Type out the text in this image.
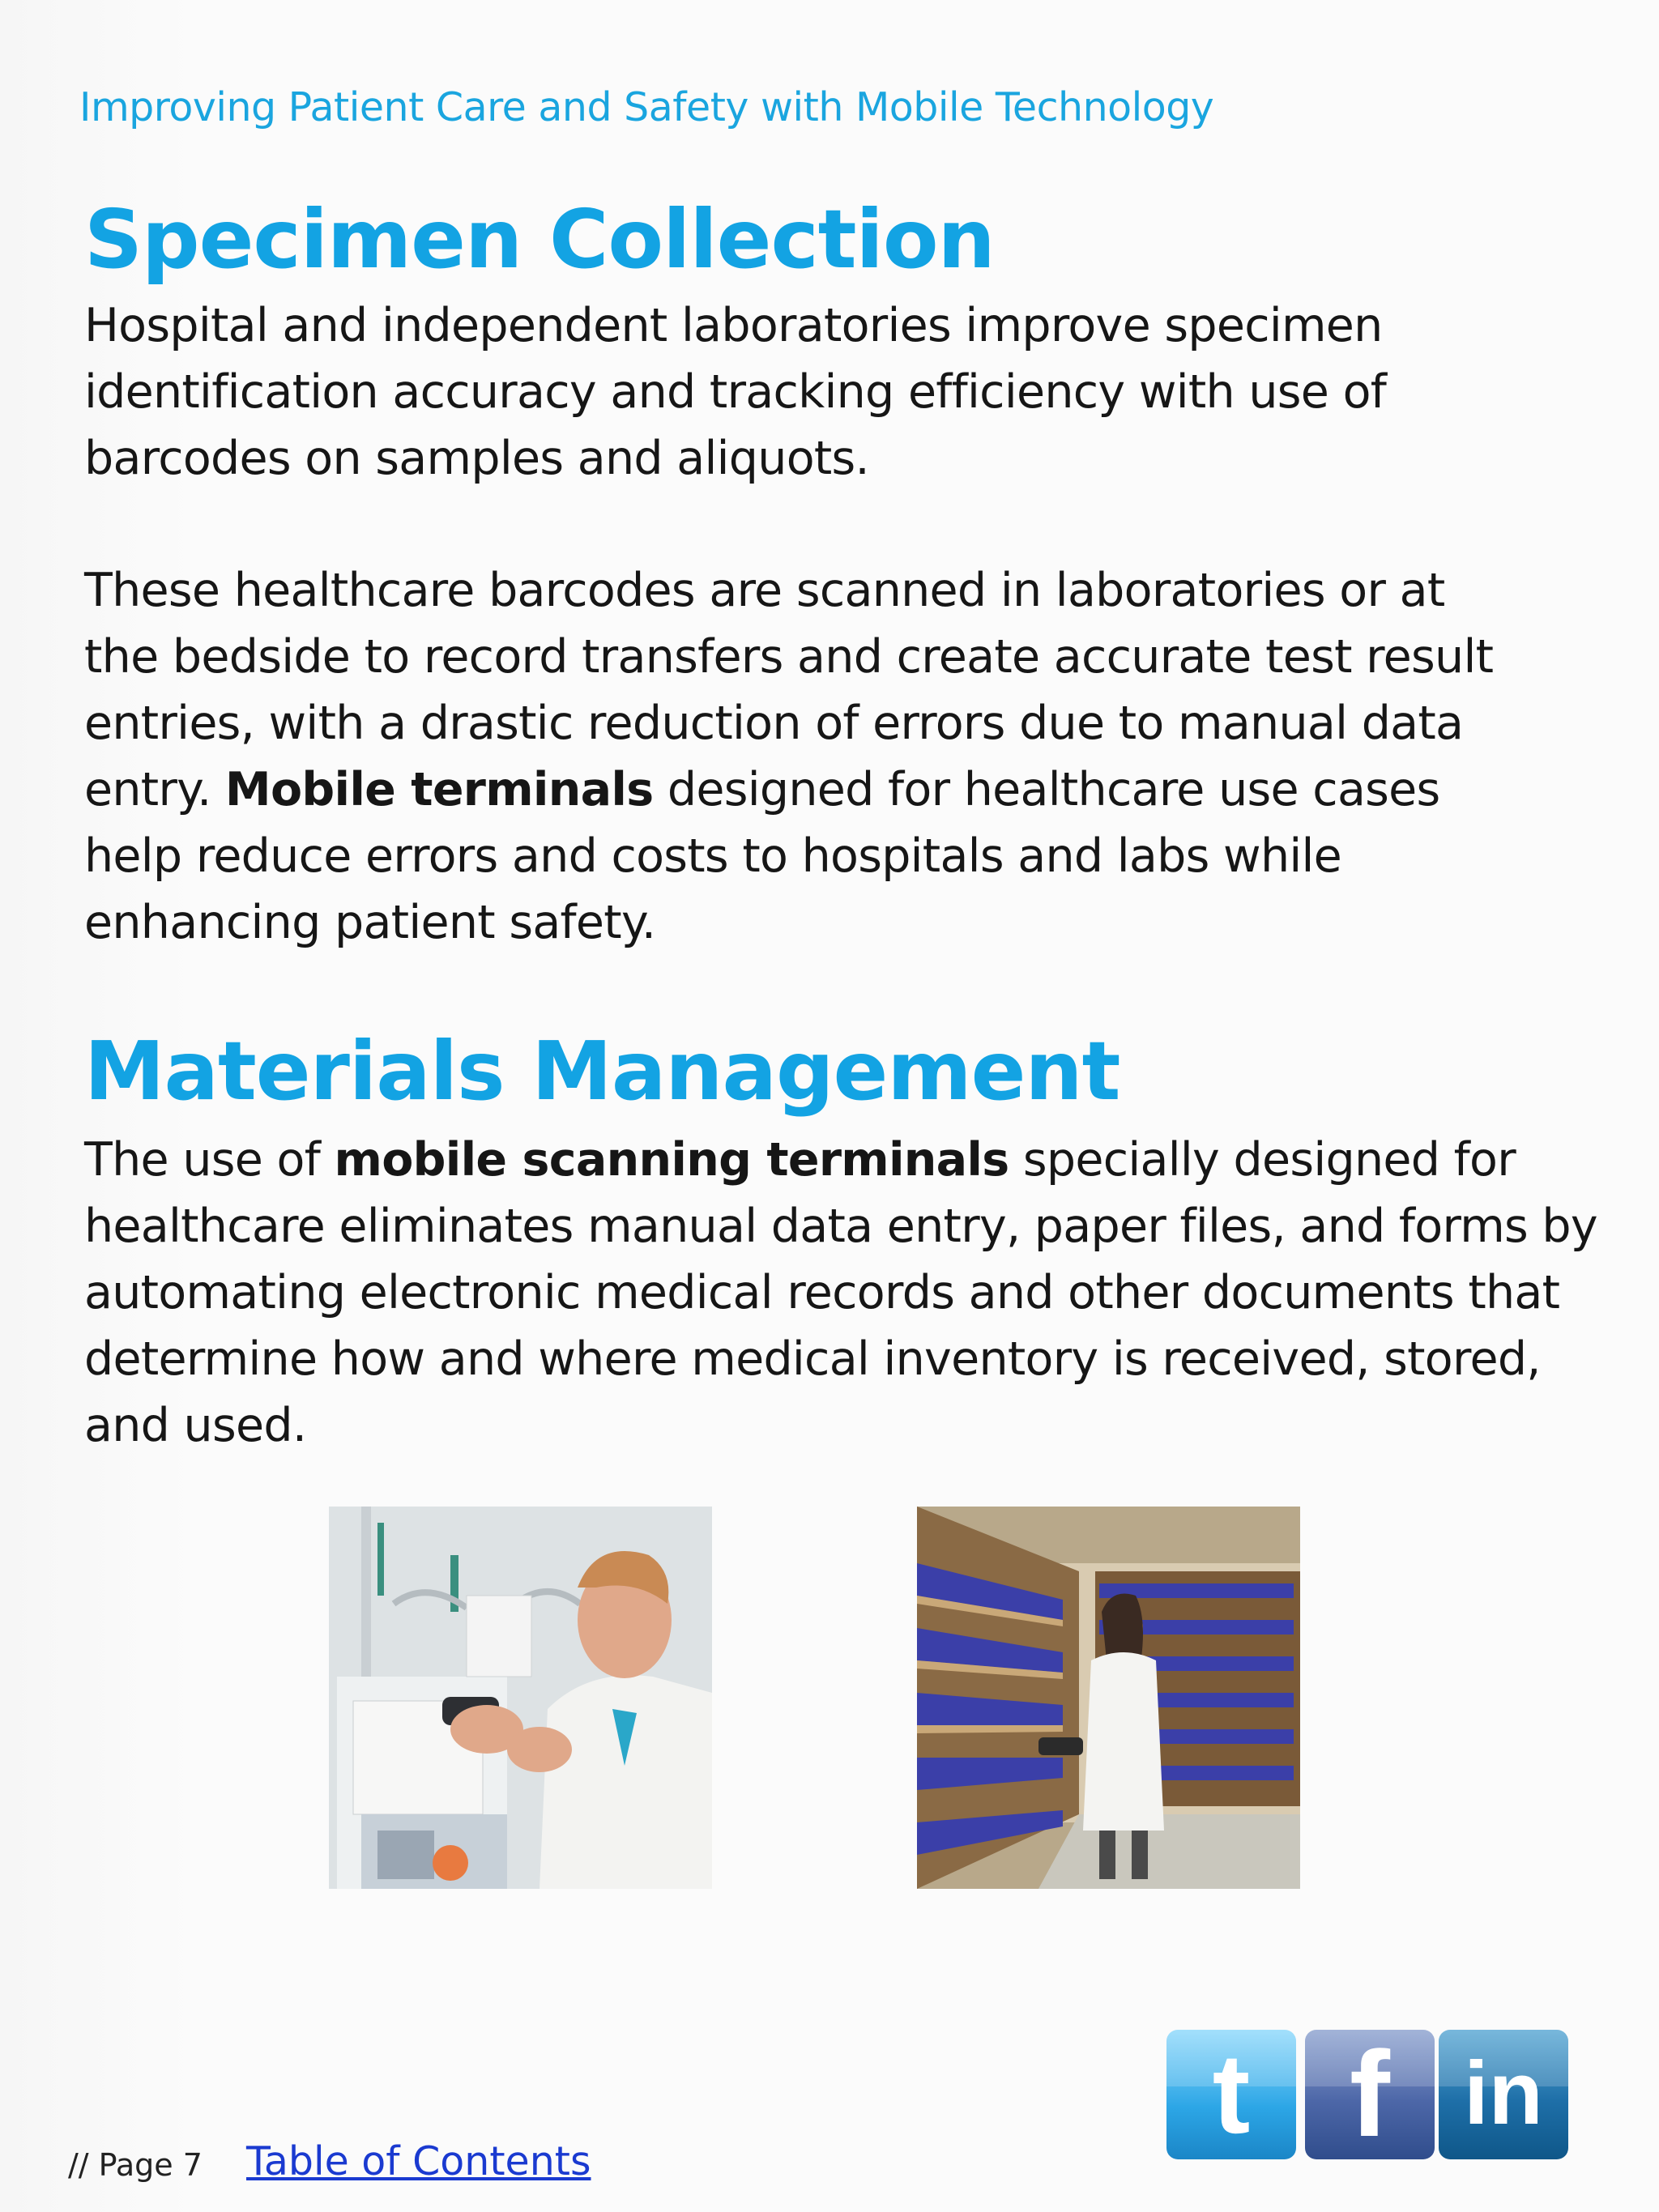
Improving Patient Care and Safety with Mobile Technology
Specimen Collection
Hospital and independent laboratories improve specimen
identification accuracy and tracking efficiency with use of
barcodes on samples and aliquots.
These healthcare barcodes are scanned in laboratories or at
the bedside to record transfers and create accurate test result
entries, with a drastic reduction of errors due to manual data
entry. Mobile terminals designed for healthcare use cases
help reduce errors and costs to hospitals and labs while
enhancing patient safety.
Materials Management
The use of mobile scanning terminals specially designed for
healthcare eliminates manual data entry, paper files, and forms by
automating electronic medical records and other documents that
determine how and where medical inventory is received, stored,
and used.
t f in
// Page 7 Table of Contents
